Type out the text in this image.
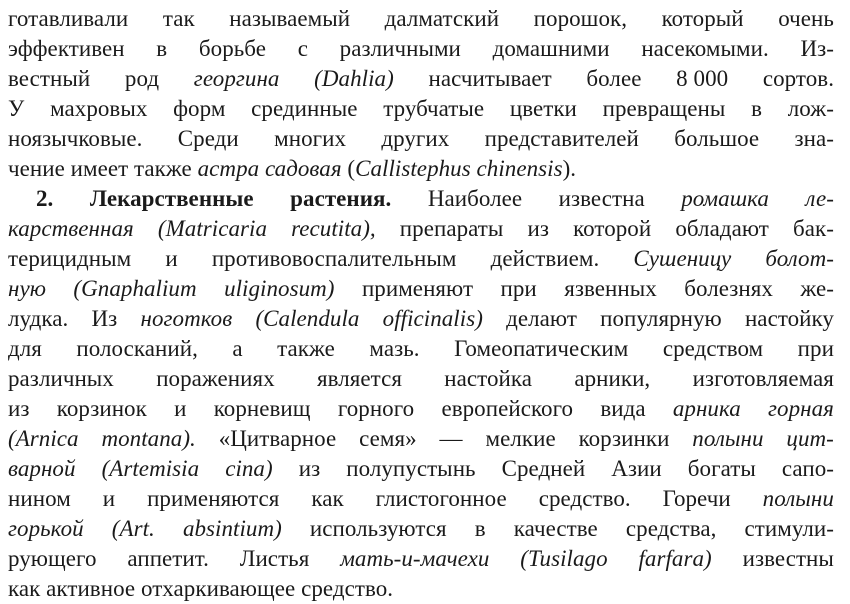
готавливали так называемый далматский порошок, который очень
эффективен в борьбе с различными домашними насекомыми. Из-
вестный род георгина (Dahlia) насчитывает более 8 000 сортов.
У махровых форм срединные трубчатые цветки превращены в лож-
ноязычковые. Среди многих других представителей большое зна-
чение имеет также астра садовая (Callistephus chinensis).
2. Лекарственные растения. Наиболее известна ромашка ле-
карственная (Matricaria recutita), препараты из которой обладают бак-
терицидным и противовоспалительным действием. Сушеницу болот-
ную (Gnaphalium uliginosum) применяют при язвенных болезнях же-
лудка. Из ноготков (Calendula officinalis) делают популярную настойку
для полосканий, а также мазь. Гомеопатическим средством при
различных поражениях является настойка арники, изготовляемая
из корзинок и корневищ горного европейского вида арника горная
(Arnica montana). «Цитварное семя» — мелкие корзинки полыни цит-
варной (Artemisia cina) из полупустынь Средней Азии богаты сапо-
нином и применяются как глистогонное средство. Горечи полыни
горькой (Art. absintium) используются в качестве средства, стимули-
рующего аппетит. Листья мать-и-мачехи (Tusilago farfara) известны
как активное отхаркивающее средство.
